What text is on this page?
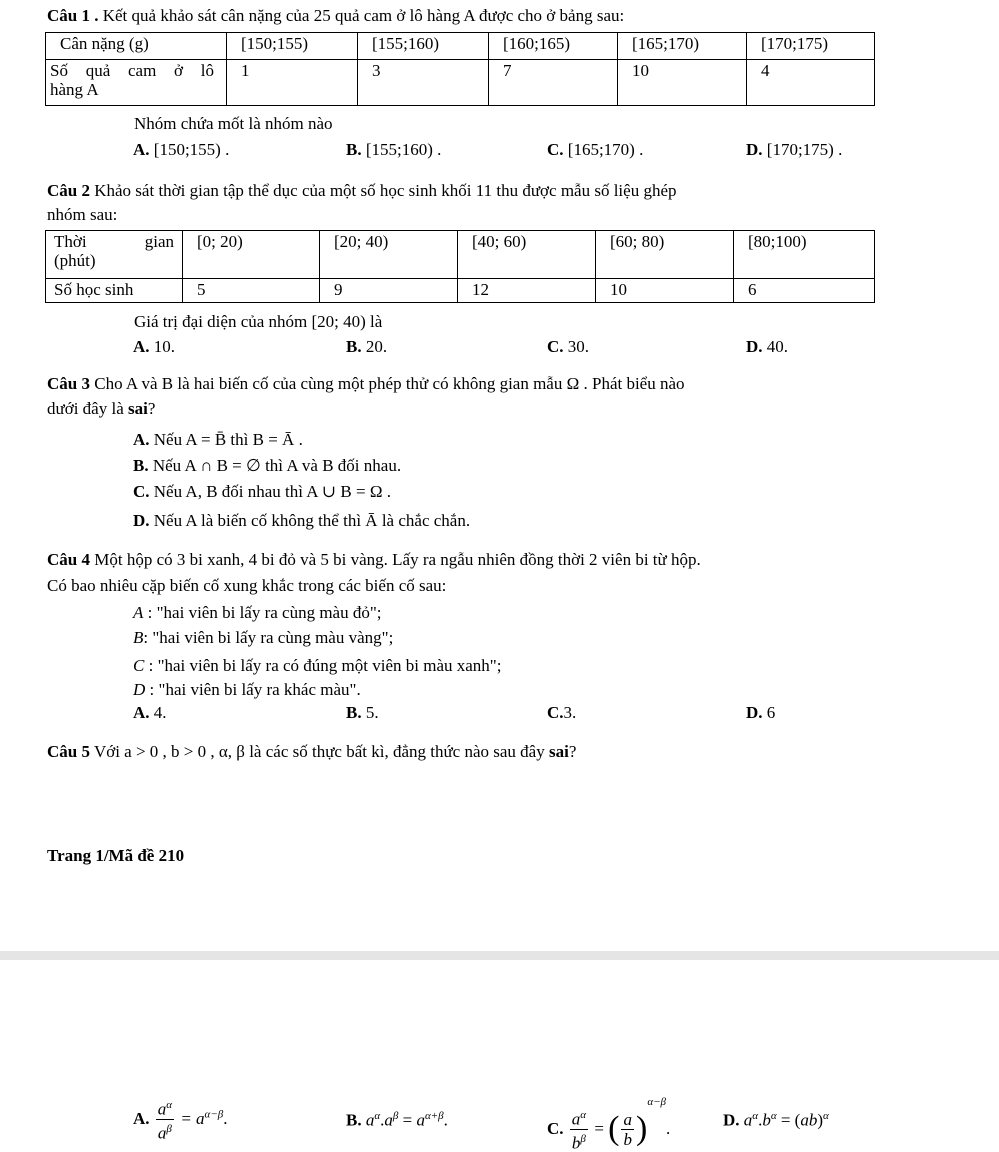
Câu 1 . Kết quả khảo sát cân nặng của 25 quả cam ở lô hàng A được cho ở bảng sau:
Cân nặng (g)	[150;155)	[155;160)	[160;165)	[165;170)	[170;175)

Số quả cam ở lô
hàng A	1	3	7	10	4
Nhóm chứa mốt là nhóm nào
A. [150;155) .	B. [155;160) .	C. [165;170) .	D. [170;175) .
Câu 2 Khảo sát thời gian tập thể dục của một số học sinh khối 11 thu được mẫu số liệu ghép
nhóm sau:
Thời gian
(phút)	[0; 20)	[20; 40)	[40; 60)	[60; 80)	[80;100)
Số học sinh	5	9	12	10	6
Giá trị đại diện của nhóm [20; 40) là
A. 10.	B. 20.	C. 30.	D. 40.
Câu 3 Cho A và B là hai biến cố của cùng một phép thử có không gian mẫu Ω . Phát biểu nào
dưới đây là sai?
A. Nếu A = B̄ thì B = Ā .
B. Nếu A ∩ B = ∅ thì A và B đối nhau.
C. Nếu A, B đối nhau thì A ∪ B = Ω .
D. Nếu A là biến cố không thể thì Ā là chắc chắn.
Câu 4 Một hộp có 3 bi xanh, 4 bi đỏ và 5 bi vàng. Lấy ra ngẫu nhiên đồng thời 2 viên bi từ hộp.
Có bao nhiêu cặp biến cố xung khắc trong các biến cố sau:
A : "hai viên bi lấy ra cùng màu đỏ";
B: "hai viên bi lấy ra cùng màu vàng";
C : "hai viên bi lấy ra có đúng một viên bi màu xanh";
D : "hai viên bi lấy ra khác màu".
A. 4.	B. 5.	C.3.	D. 6
Câu 5 Với a > 0 , b > 0 , α, β là các số thực bất kì, đẳng thức nào sau đây sai?
Trang 1/Mã đề 210
A. $\frac{a^\alpha}{a^\beta} = a^{\alpha-\beta}$.	B. $a^\alpha.a^\beta = a^{\alpha+\beta}$.	C. $\frac{a^\alpha}{b^\beta}$ = ( $\frac{a}{b} )^{\alpha-\beta}$.	D. $a^\alpha.b^\alpha = (ab)^\alpha$
